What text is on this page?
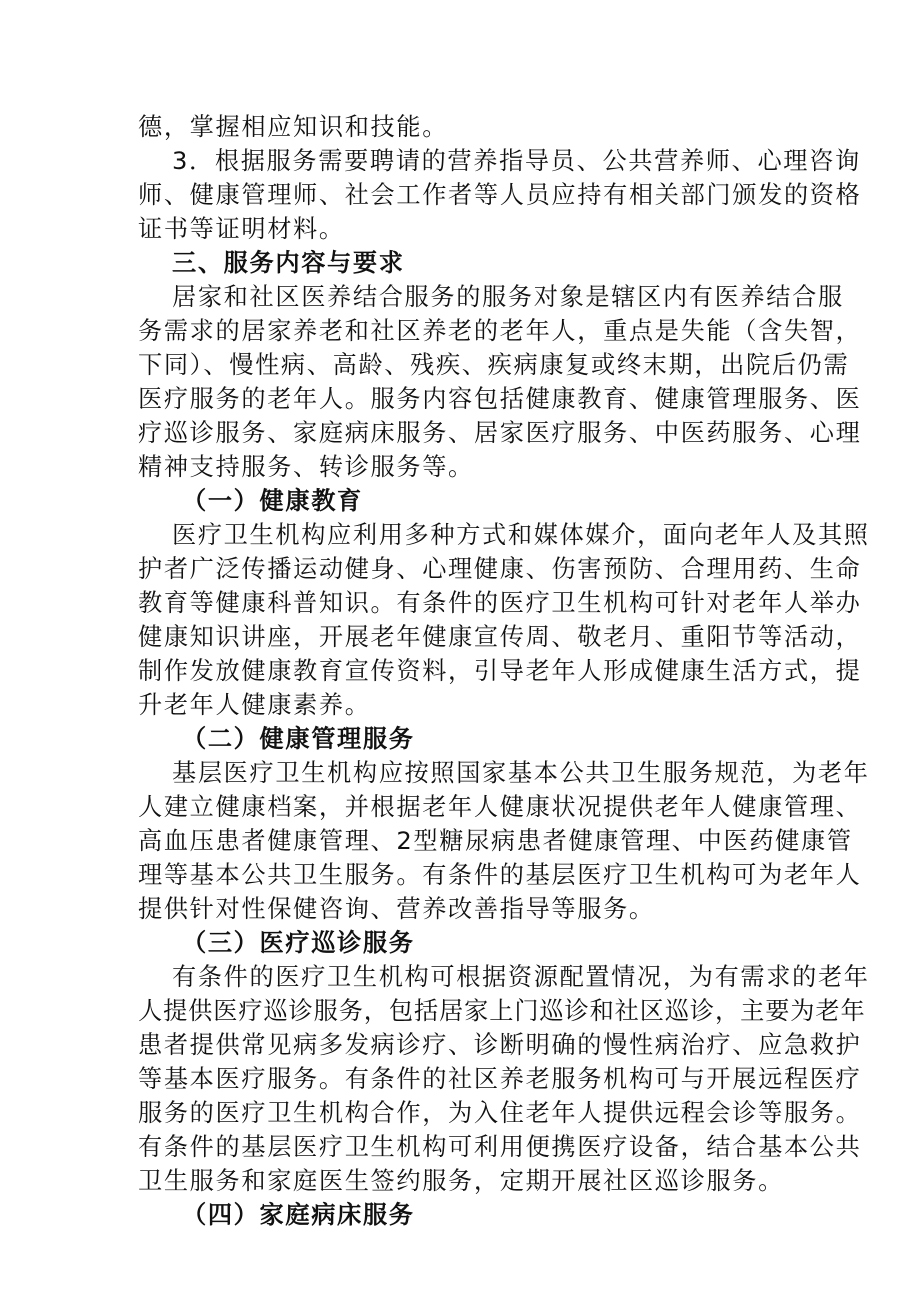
德，掌握相应知识和技能。
3．根据服务需要聘请的营养指导员、公共营养师、心理咨询
师、健康管理师、社会工作者等人员应持有相关部门颁发的资格
证书等证明材料。
三、服务内容与要求
居家和社区医养结合服务的服务对象是辖区内有医养结合服
务需求的居家养老和社区养老的老年人，重点是失能（含失智，
下同）、慢性病、高龄、残疾、疾病康复或终末期，出院后仍需
医疗服务的老年人。服务内容包括健康教育、健康管理服务、医
疗巡诊服务、家庭病床服务、居家医疗服务、中医药服务、心理
精神支持服务、转诊服务等。
（一）健康教育
医疗卫生机构应利用多种方式和媒体媒介，面向老年人及其照
护者广泛传播运动健身、心理健康、伤害预防、合理用药、生命
教育等健康科普知识。有条件的医疗卫生机构可针对老年人举办
健康知识讲座，开展老年健康宣传周、敬老月、重阳节等活动，
制作发放健康教育宣传资料，引导老年人形成健康生活方式，提
升老年人健康素养。
（二）健康管理服务
基层医疗卫生机构应按照国家基本公共卫生服务规范，为老年
人建立健康档案，并根据老年人健康状况提供老年人健康管理、
高血压患者健康管理、2型糖尿病患者健康管理、中医药健康管
理等基本公共卫生服务。有条件的基层医疗卫生机构可为老年人
提供针对性保健咨询、营养改善指导等服务。
（三）医疗巡诊服务
有条件的医疗卫生机构可根据资源配置情况，为有需求的老年
人提供医疗巡诊服务，包括居家上门巡诊和社区巡诊，主要为老年
患者提供常见病多发病诊疗、诊断明确的慢性病治疗、应急救护
等基本医疗服务。有条件的社区养老服务机构可与开展远程医疗
服务的医疗卫生机构合作，为入住老年人提供远程会诊等服务。
有条件的基层医疗卫生机构可利用便携医疗设备，结合基本公共
卫生服务和家庭医生签约服务，定期开展社区巡诊服务。
（四）家庭病床服务
